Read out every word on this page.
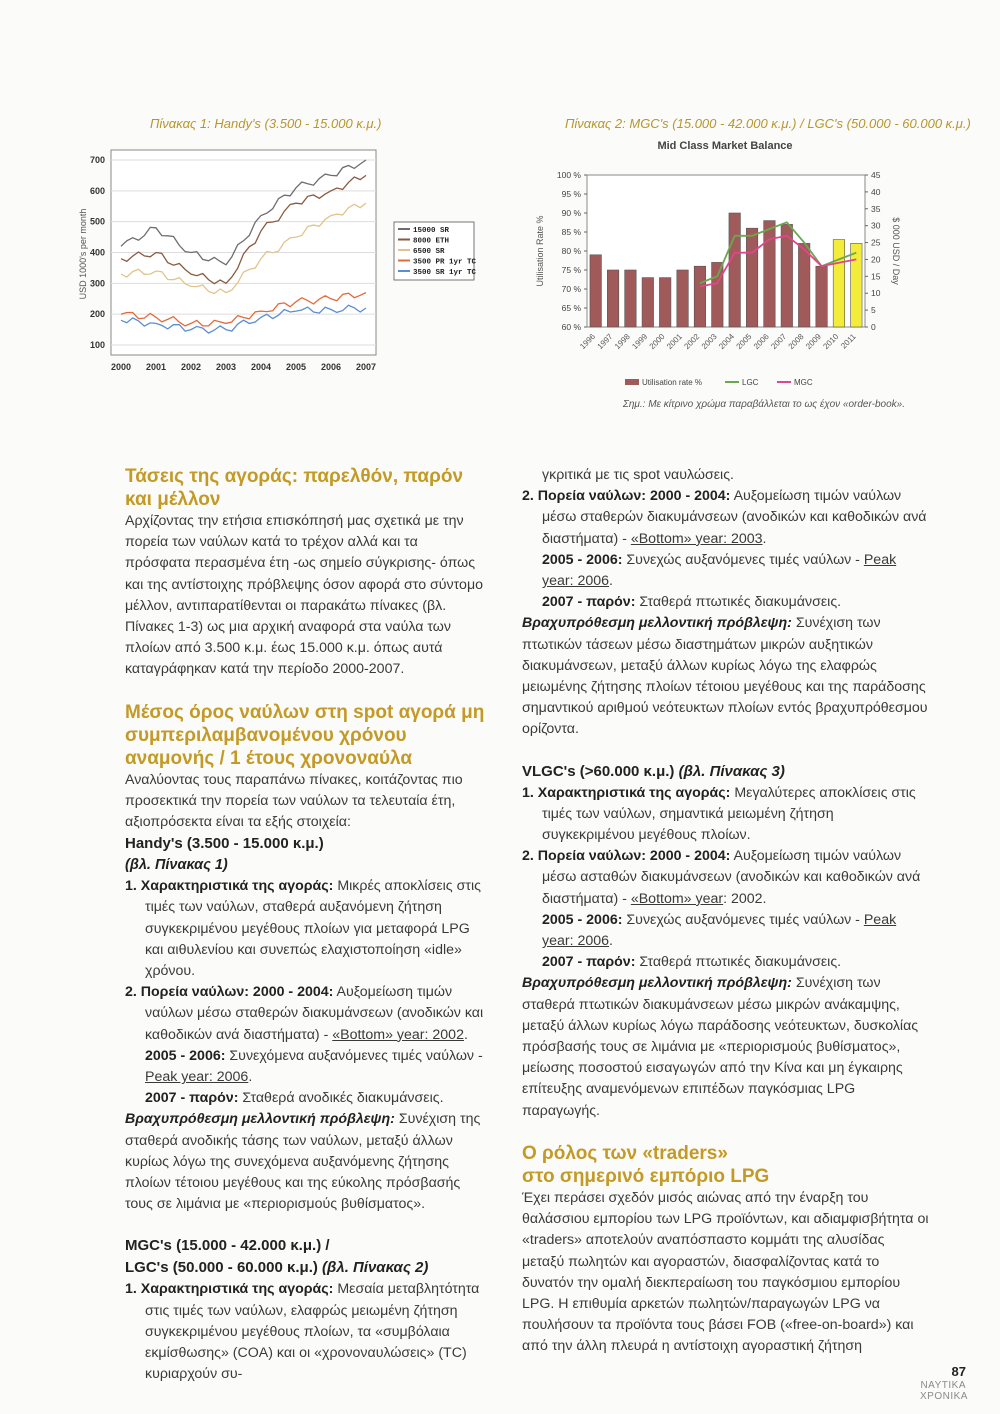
Πίνακας 1: Handy's (3.500 - 15.000 κ.μ.)	Πίνακας 2: MGC's (15.000 - 42.000 κ.μ.) / LGC's (50.000 - 60.000 κ.μ.)
100
200
300
400
500
600
700
2000 2001 2002 2003 2004 2005 2006 2007
USD 1000's per month	15000 SR
8000 ETH
6500 SR
3500 PR 1yr TC
3500 SR 1yr TC
Mid Class Market Balance
60 %
65 %
70 %
75 %
80 %
85 %
90 %
95 %
100 %
0
5
10
15
20
25
30
35
40
45
1996
1997
1998
1999
2000
2001
2002
2003
2004
2005
2006
2007
2008
2009
2010
2011
Utilisation Rate %	$ 000 USD / Day
Utilisation rate %	LGC	MGC
Σημ.: Με κίτρινο χρώμα παραβάλλεται το ως έχον «order-book».
Τάσεις της αγοράς: παρελθόν, παρόν και μέλλον

Αρχίζοντας την ετήσια επισκόπησή μας σχετικά με την πορεία των ναύλων κατά το τρέχον αλλά και τα πρόσφατα περασμένα έτη -ως σημείο σύγκρισης- όπως και της αντίστοιχης πρόβλεψης όσον αφορά στο σύντομο μέλλον, αντιπαρατίθενται οι παρακάτω πίνακες (βλ. Πίνακες 1-3) ως μια αρχική αναφορά στα ναύλα των πλοίων από 3.500 κ.μ. έως 15.000 κ.μ. όπως αυτά καταγράφηκαν κατά την περίοδο 2000-2007.

Μέσος όρος ναύλων στη spot αγορά μη συμπεριλαμβανομένου χρόνου αναμονής / 1 έτους χρονοναύλα

Αναλύοντας τους παραπάνω πίνακες, κοιτάζοντας πιο προσεκτικά την πορεία των ναύλων τα τελευταία έτη, αξιοπρόσεκτα είναι τα εξής στοιχεία:

Handy's (3.500 - 15.000 κ.μ.)

(βλ. Πίνακας 1)

1. Χαρακτηριστικά της αγοράς: Μικρές αποκλίσεις στις τιμές των ναύλων, σταθερά αυξανόμενη ζήτηση συγκεκριμένου μεγέθους πλοίων για μεταφορά LPG και αιθυλενίου και συνεπώς ελαχιστοποίηση «idle» χρόνου.

2. Πορεία ναύλων: 2000 - 2004: Αυξομείωση τιμών ναύλων μέσω σταθερών διακυμάνσεων (ανοδικών και καθοδικών ανά διαστήματα) - «Bottom» year: 2002.

2005 - 2006: Συνεχόμενα αυξανόμενες τιμές ναύλων - Peak year: 2006.

2007 - παρόν: Σταθερά ανοδικές διακυμάνσεις.

Βραχυπρόθεσμη μελλοντική πρόβλεψη: Συνέχιση της σταθερά ανοδικής τάσης των ναύλων, μεταξύ άλλων κυρίως λόγω της συνεχόμενα αυξανόμενης ζήτησης πλοίων τέτοιου μεγέθους και της εύκολης πρόσβασής τους σε λιμάνια με «περιορισμούς βυθίσματος».

MGC's (15.000 - 42.000 κ.μ.) /

LGC's (50.000 - 60.000 κ.μ.) (βλ. Πίνακας 2)

1. Χαρακτηριστικά της αγοράς: Μεσαία μεταβλητότητα στις τιμές των ναύλων, ελαφρώς μειωμένη ζήτηση συγκεκριμένου μεγέθους πλοίων, τα «συμβόλαια εκμίσθωσης» (COA) και οι «χρονοναυλώσεις» (TC) κυριαρχούν συ-

γκριτικά με τις spot ναυλώσεις.

2. Πορεία ναύλων: 2000 - 2004: Αυξομείωση τιμών ναύλων μέσω σταθερών διακυμάνσεων (ανοδικών και καθοδικών ανά διαστήματα) - «Bottom» year: 2003.

2005 - 2006: Συνεχώς αυξανόμενες τιμές ναύλων - Peak year: 2006.

2007 - παρόν: Σταθερά πτωτικές διακυμάνσεις.

Βραχυπρόθεσμη μελλοντική πρόβλεψη: Συνέχιση των πτωτικών τάσεων μέσω διαστημάτων μικρών αυξητικών διακυμάνσεων, μεταξύ άλλων κυρίως λόγω της ελαφρώς μειωμένης ζήτησης πλοίων τέτοιου μεγέθους και της παράδοσης σημαντικού αριθμού νεότευκτων πλοίων εντός βραχυπρόθεσμου ορίζοντα.

VLGC's (>60.000 κ.μ.) (βλ. Πίνακας 3)

1. Χαρακτηριστικά της αγοράς: Μεγαλύτερες αποκλίσεις στις τιμές των ναύλων, σημαντικά μειωμένη ζήτηση συγκεκριμένου μεγέθους πλοίων.

2. Πορεία ναύλων: 2000 - 2004: Αυξομείωση τιμών ναύλων μέσω ασταθών διακυμάνσεων (ανοδικών και καθοδικών ανά διαστήματα) - «Bottom» year: 2002.

2005 - 2006: Συνεχώς αυξανόμενες τιμές ναύλων - Peak year: 2006.

2007 - παρόν: Σταθερά πτωτικές διακυμάνσεις.

Βραχυπρόθεσμη μελλοντική πρόβλεψη: Συνέχιση των σταθερά πτωτικών διακυμάνσεων μέσω μικρών ανάκαμψης, μεταξύ άλλων κυρίως λόγω παράδοσης νεότευκτων, δυσκολίας πρόσβασής τους σε λιμάνια με «περιορισμούς βυθίσματος», μείωσης ποσοστού εισαγωγών από την Κίνα και μη έγκαιρης επίτευξης αναμενόμενων επιπέδων παγκόσμιας LPG παραγωγής.

Ο ρόλος των «traders»
στο σημερινό εμπόριο LPG

Έχει περάσει σχεδόν μισός αιώνας από την έναρξη του θαλάσσιου εμπορίου των LPG προϊόντων, και αδιαμφισβήτητα οι «traders» αποτελούν αναπόσπαστο κομμάτι της αλυσίδας μεταξύ πωλητών και αγοραστών, διασφαλίζοντας κατά το δυνατόν την ομαλή διεκπεραίωση του παγκόσμιου εμπορίου LPG. Η επιθυμία αρκετών πωλητών/παραγωγών LPG να πουλήσουν τα προϊόντα τους βάσει FOB («free-on-board») και από την άλλη πλευρά η αντίστοιχη αγοραστική ζήτηση

87
ΝΑΥΤΙΚΑ
ΧΡΟΝΙΚΑ
